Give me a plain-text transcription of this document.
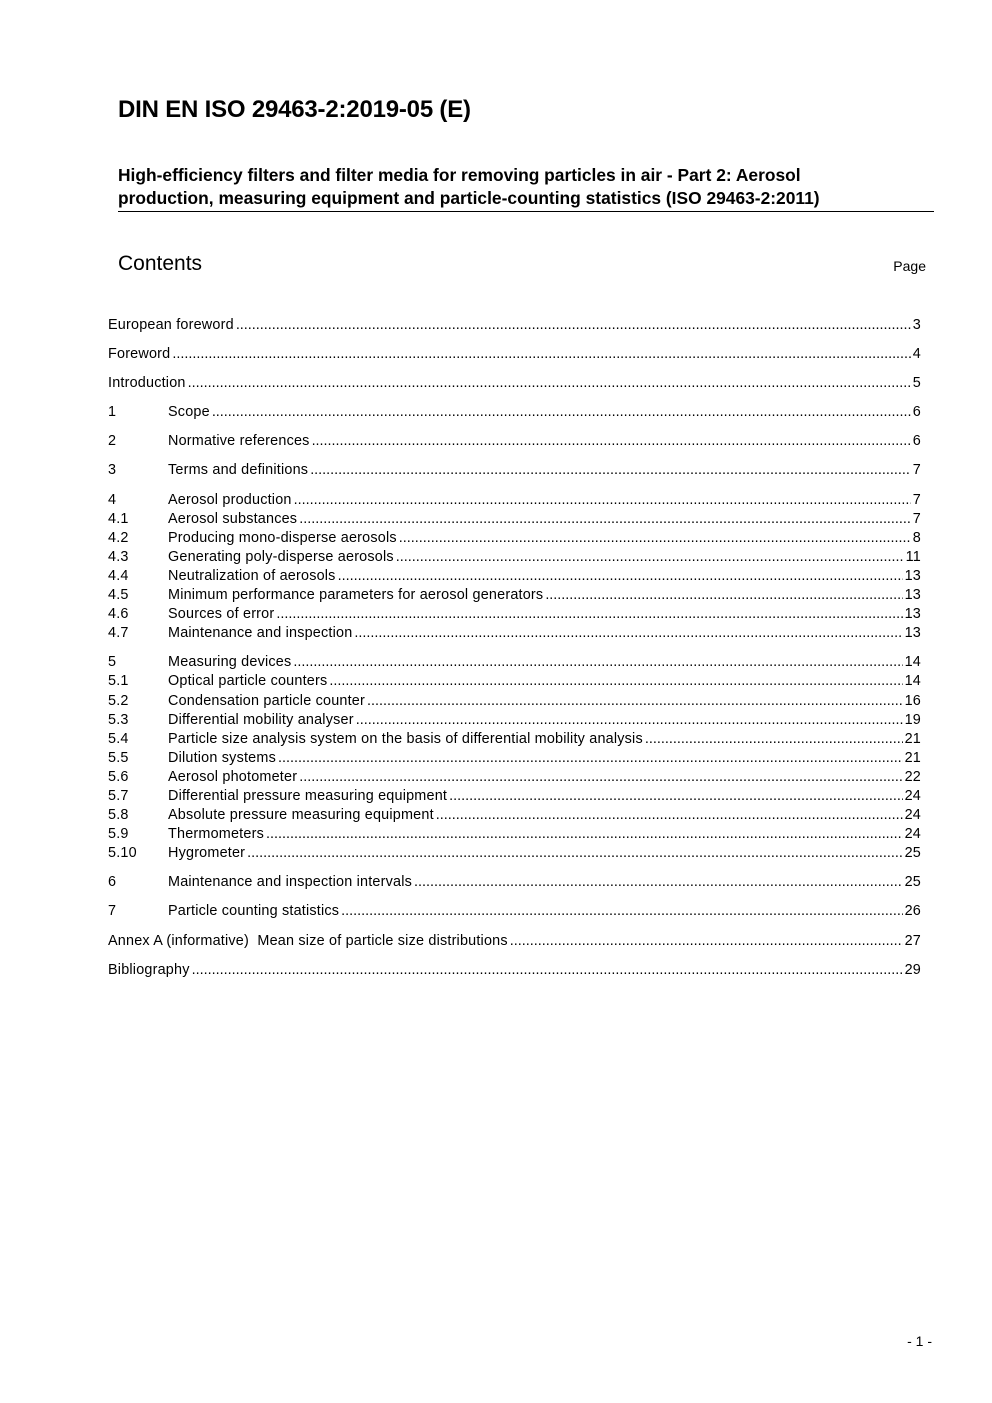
DIN EN ISO 29463-2:2019-05 (E)
High-efficiency filters and filter media for removing particles in air - Part 2: Aerosol
production, measuring equipment and particle-counting statistics (ISO 29463-2:2011)
Contents	Page
European foreword .....	3
Foreword .....	4
Introduction .....	5
1	Scope .....	6
2	Normative references .....	6
3	Terms and definitions .....	7
4	Aerosol production .....	7
4.1	Aerosol substances .....	7
4.2	Producing mono-disperse aerosols .....	8
4.3	Generating poly-disperse aerosols .....	11
4.4	Neutralization of aerosols .....	13
4.5	Minimum performance parameters for aerosol generators .....	13
4.6	Sources of error .....	13
4.7	Maintenance and inspection .....	13
5	Measuring devices .....	14
5.1	Optical particle counters .....	14
5.2	Condensation particle counter .....	16
5.3	Differential mobility analyser .....	19
5.4	Particle size analysis system on the basis of differential mobility analysis .....	21
5.5	Dilution systems .....	21
5.6	Aerosol photometer .....	22
5.7	Differential pressure measuring equipment .....	24
5.8	Absolute pressure measuring equipment .....	24
5.9	Thermometers .....	24
5.10	Hygrometer .....	25
6	Maintenance and inspection intervals .....	25
7	Particle counting statistics .....	26
Annex A (informative) Mean size of particle size distributions .....	27
Bibliography .....	29
- 1 -
